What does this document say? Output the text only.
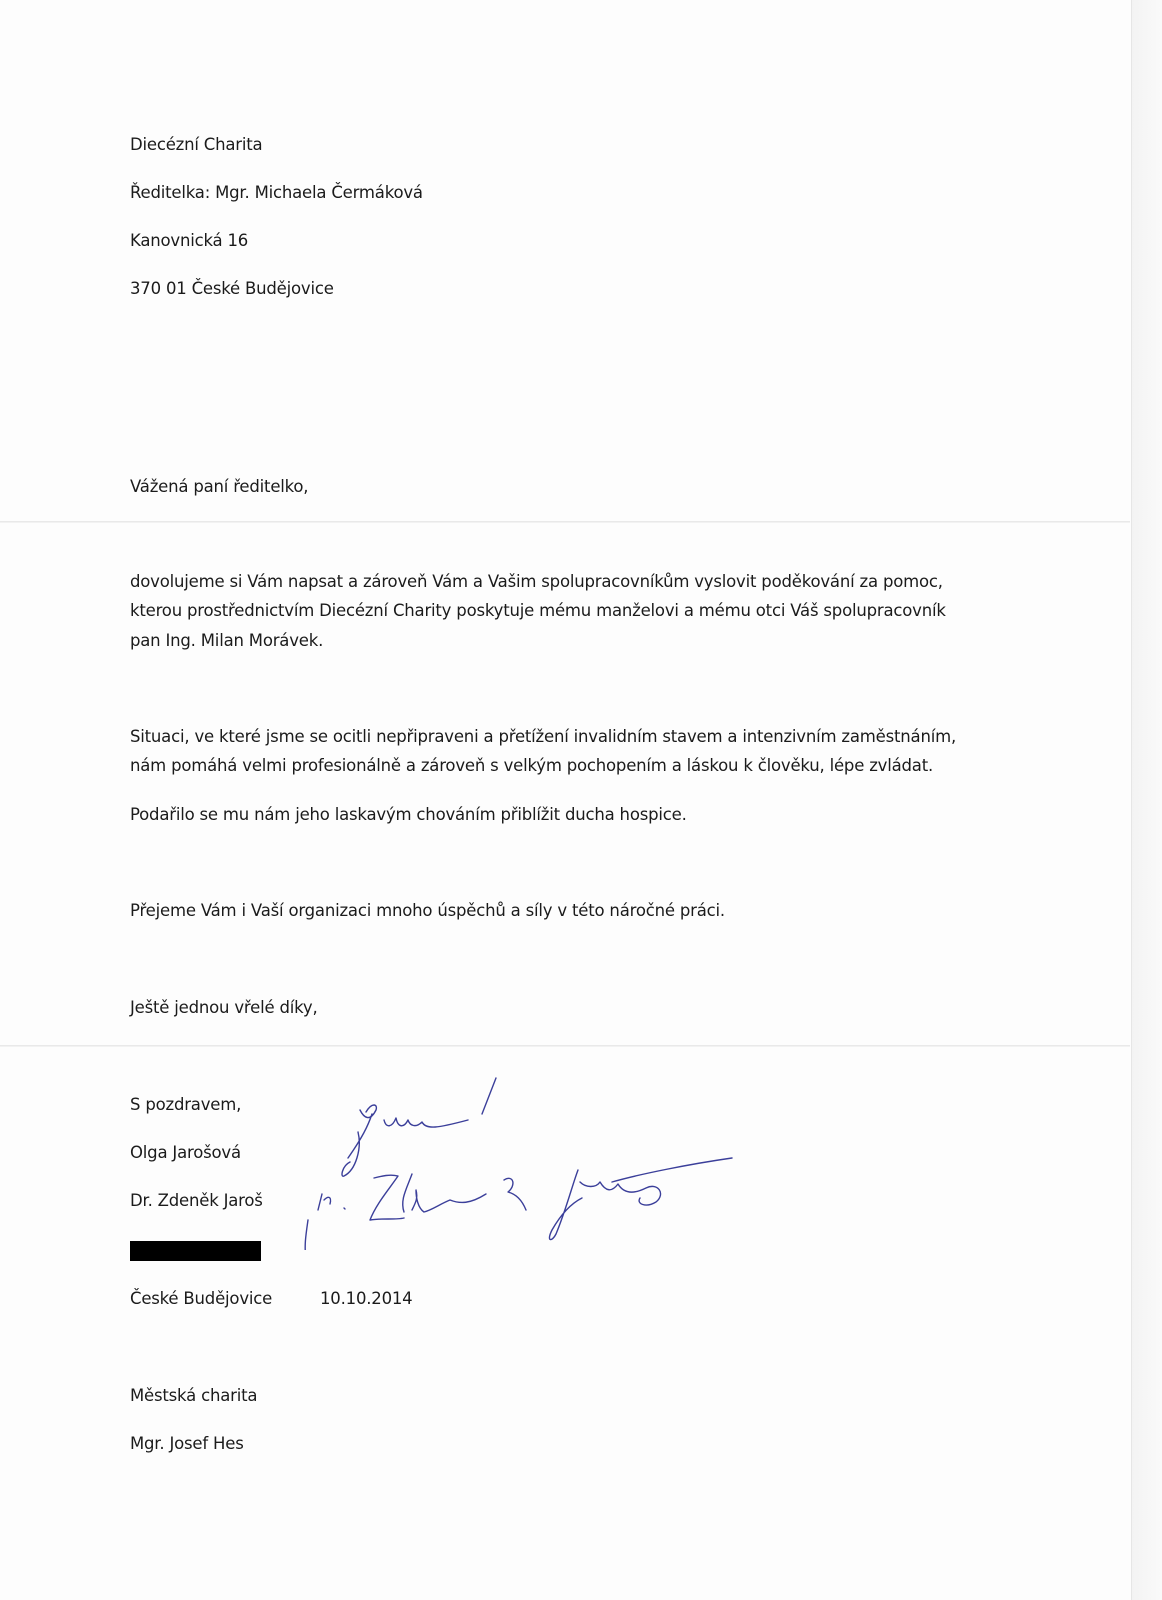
Diecézní Charita
Ředitelka: Mgr. Michaela Čermáková
Kanovnická 16
370 01 České Budějovice
Vážená paní ředitelko,
dovolujeme si Vám napsat a zároveň Vám a Vašim spolupracovníkům vyslovit poděkování za pomoc,
kterou prostřednictvím Diecézní Charity poskytuje mému manželovi a mému otci Váš spolupracovník
pan Ing. Milan Morávek.
Situaci, ve které jsme se ocitli nepřipraveni a přetížení invalidním stavem a intenzivním zaměstnáním,
nám pomáhá velmi profesionálně a zároveň s velkým pochopením a láskou k člověku, lépe zvládat.
Podařilo se mu nám jeho laskavým chováním přiblížit ducha hospice.
Přejeme Vám i Vaší organizaci mnoho úspěchů a síly v této náročné práci.
Ještě jednou vřelé díky,
S pozdravem,
Olga Jarošová
Dr. Zdeněk Jaroš
České Budějovice	10.10.2014
Městská charita
Mgr. Josef Hes
